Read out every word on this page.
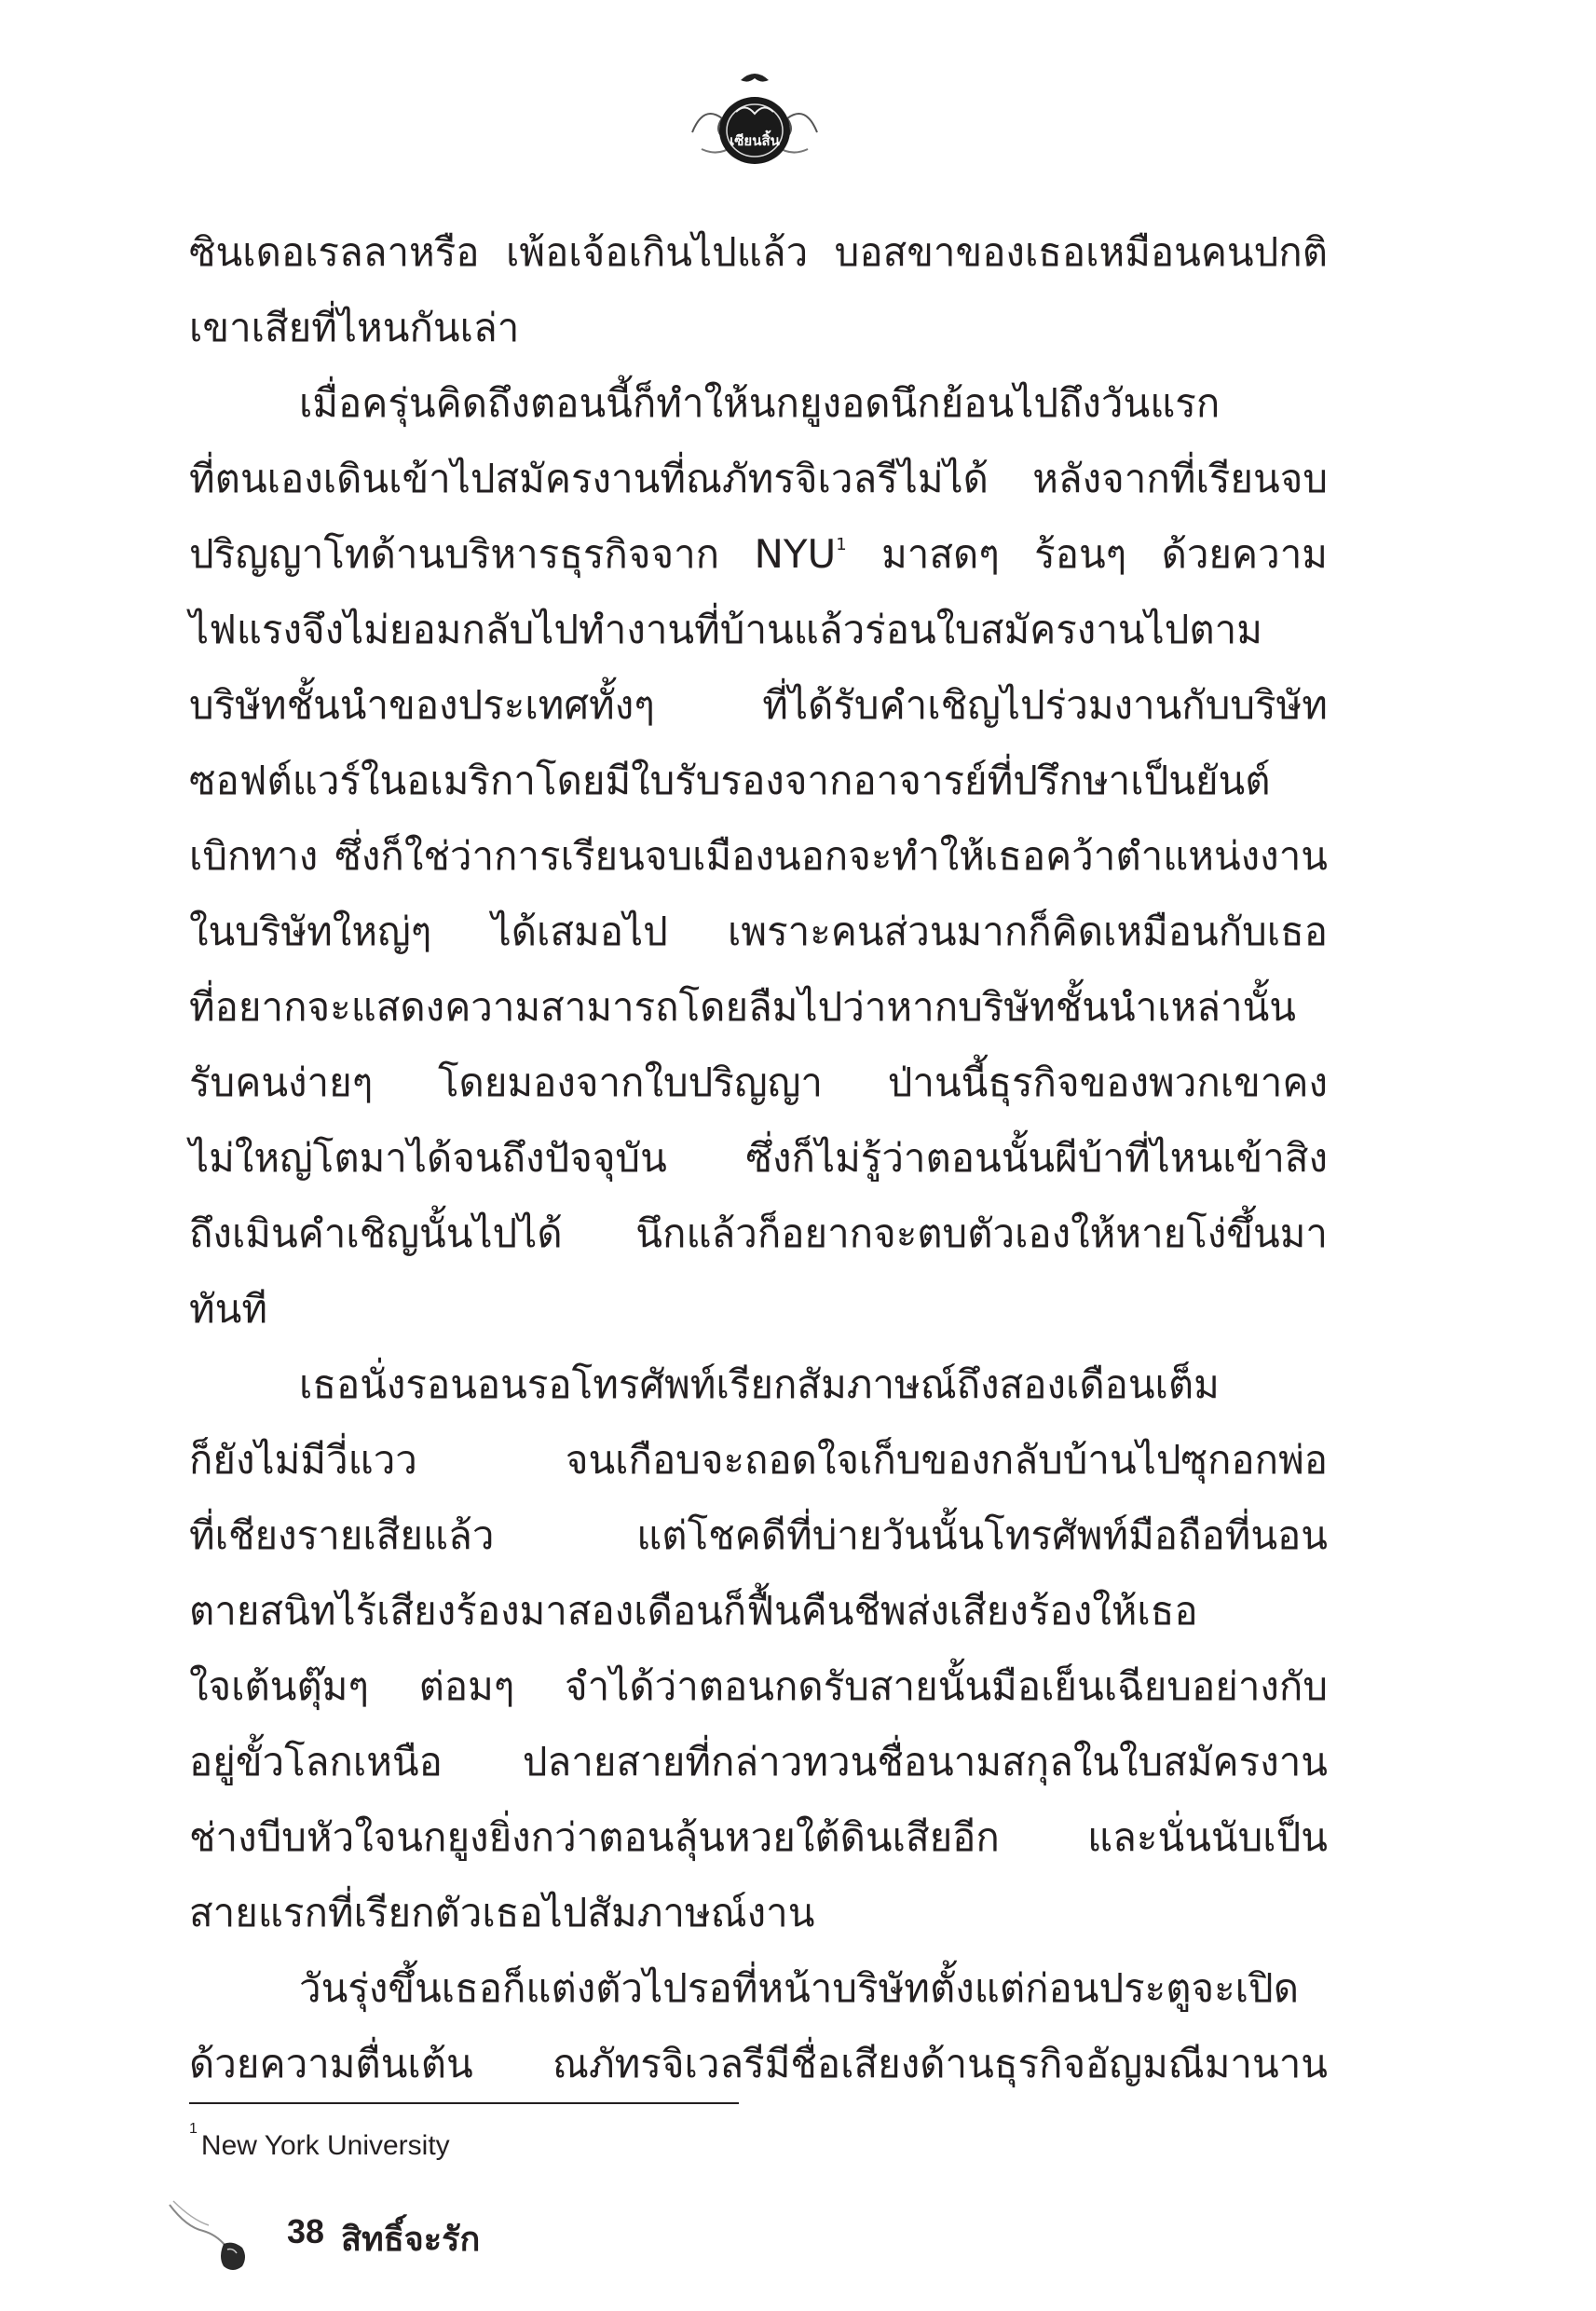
เซียนสิ้น
ซินเดอเรลลาหรือ เพ้อเจ้อเกินไปแล้ว บอสขาของเธอเหมือนคนปกติ
เขาเสียที่ไหนกันเล่า
เมื่อครุ่นคิดถึงตอนนี้ก็ทำให้นกยูงอดนึกย้อนไปถึงวันแรก
ที่ตนเองเดินเข้าไปสมัครงานที่ณภัทรจิเวลรีไม่ได้ หลังจากที่เรียนจบ
ปริญญาโทด้านบริหารธุรกิจจาก NYU$^1$ มาสดๆ ร้อนๆ ด้วยความ
ไฟแรงจึงไม่ยอมกลับไปทำงานที่บ้านแล้วร่อนใบสมัครงานไปตาม
บริษัทชั้นนำของประเทศทั้งๆ ที่ได้รับคำเชิญไปร่วมงานกับบริษัท
ซอฟต์แวร์ในอเมริกาโดยมีใบรับรองจากอาจารย์ที่ปรึกษาเป็นยันต์
เบิกทาง ซึ่งก็ใช่ว่าการเรียนจบเมืองนอกจะทำให้เธอคว้าตำแหน่งงาน
ในบริษัทใหญ่ๆ ได้เสมอไป เพราะคนส่วนมากก็คิดเหมือนกับเธอ
ที่อยากจะแสดงความสามารถโดยลืมไปว่าหากบริษัทชั้นนำเหล่านั้น
รับคนง่ายๆ โดยมองจากใบปริญญา ป่านนี้ธุรกิจของพวกเขาคง
ไม่ใหญ่โตมาได้จนถึงปัจจุบัน ซึ่งก็ไม่รู้ว่าตอนนั้นผีบ้าที่ไหนเข้าสิง
ถึงเมินคำเชิญนั้นไปได้ นึกแล้วก็อยากจะตบตัวเองให้หายโง่ขึ้นมา
ทันที
เธอนั่งรอนอนรอโทรศัพท์เรียกสัมภาษณ์ถึงสองเดือนเต็ม
ก็ยังไม่มีวี่แวว จนเกือบจะถอดใจเก็บของกลับบ้านไปซุกอกพ่อ
ที่เชียงรายเสียแล้ว แต่โชคดีที่บ่ายวันนั้นโทรศัพท์มือถือที่นอน
ตายสนิทไร้เสียงร้องมาสองเดือนก็ฟื้นคืนชีพส่งเสียงร้องให้เธอ
ใจเต้นตุ๊มๆ ต่อมๆ จำได้ว่าตอนกดรับสายนั้นมือเย็นเฉียบอย่างกับ
อยู่ขั้วโลกเหนือ ปลายสายที่กล่าวทวนชื่อนามสกุลในใบสมัครงาน
ช่างบีบหัวใจนกยูงยิ่งกว่าตอนลุ้นหวยใต้ดินเสียอีก และนั่นนับเป็น
สายแรกที่เรียกตัวเธอไปสัมภาษณ์งาน
วันรุ่งขึ้นเธอก็แต่งตัวไปรอที่หน้าบริษัทตั้งแต่ก่อนประตูจะเปิด
ด้วยความตื่นเต้น ณภัทรจิเวลรีมีชื่อเสียงด้านธุรกิจอัญมณีมานาน
$^1$New York University
38 สิทธิ์จะรัก
